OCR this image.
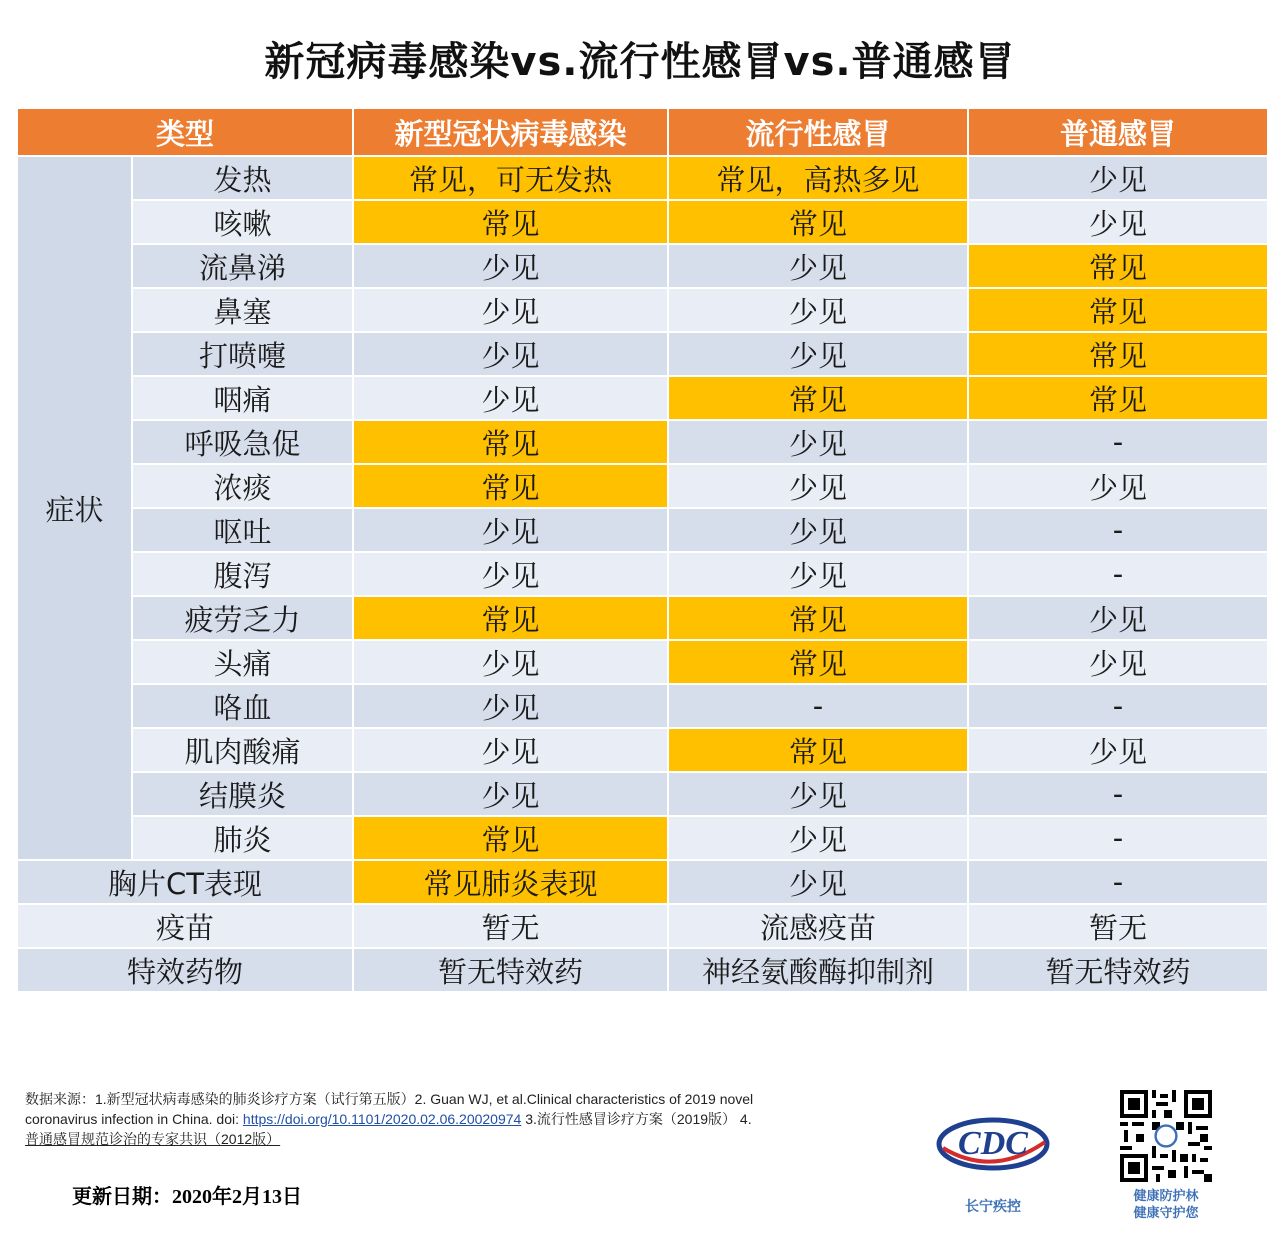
新冠病毒感染vs.流行性感冒vs.普通感冒
类型		新型冠状病毒感染	流行性感冒	普通感冒
症状	发热	常见，可无发热	常见，高热多见	少见
	咳嗽	常见	常见	少见
	流鼻涕	少见	少见	常见
	鼻塞	少见	少见	常见
	打喷嚏	少见	少见	常见
	咽痛	少见	常见	常见
	呼吸急促	常见	少见	-
	浓痰	常见	少见	少见
	呕吐	少见	少见	-
	腹泻	少见	少见	-
	疲劳乏力	常见	常见	少见
	头痛	少见	常见	少见
	咯血	少见	-	-
	肌肉酸痛	少见	常见	少见
	结膜炎	少见	少见	-
	肺炎	常见	少见	-
胸片CT表现		常见肺炎表现	少见	-
疫苗		暂无	流感疫苗	暂无
特效药物		暂无特效药	神经氨酸酶抑制剂	暂无特效药
数据来源：1.新型冠状病毒感染的肺炎诊疗方案（试行第五版）2. Guan WJ, et al.Clinical characteristics of 2019 novel coronavirus infection in China. doi: https://doi.org/10.1101/2020.02.06.20020974 3.流行性感冒诊疗方案（2019版） 4.普通感冒规范诊治的专家共识（2012版）
更新日期：2020年2月13日
CDC
长宁疾控
健康防护林
健康守护您
